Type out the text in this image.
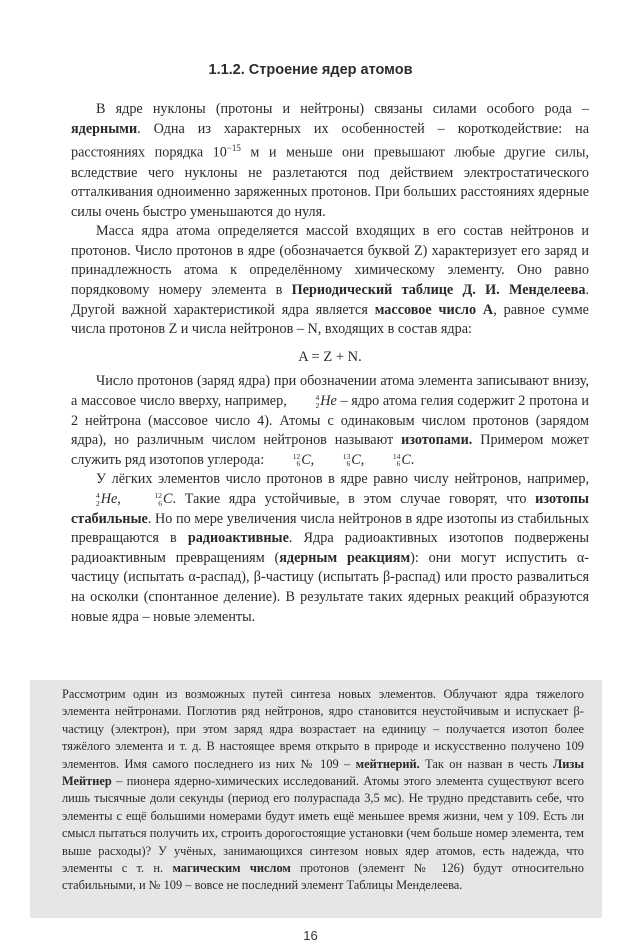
1.1.2. Строение ядер атомов

В ядре нуклоны (протоны и нейтроны) связаны силами особого рода – ядерными. Одна из характерных их особенностей – короткодействие: на расстояниях порядка $10^{-15}$ м и меньше они превышают любые другие силы, вследствие чего нуклоны не разлетаются под действием электростатического отталкивания одноименно заряженных протонов. При больших расстояниях ядерные силы очень быстро уменьшаются до нуля.

Масса ядра атома определяется массой входящих в его состав нейтронов и протонов. Число протонов в ядре (обозначается буквой Z) характеризует его заряд и принадлежность атома к определённому химическому элементу. Оно равно порядковому номеру элемента в Периодический таблице Д. И. Менделеева. Другой важной характеристикой ядра является массовое число A, равное сумме числа протонов Z и числа нейтронов – N, входящих в состав ядра:

A = Z + N.

Число протонов (заряд ядра) при обозначении атома элемента записывают внизу, а массовое число вверху, например,	4
2 He – ядро атома гелия содержит 2 протона и 2 нейтрона (массовое число 4). Атомы с одинаковым числом протонов (зарядом ядра), но различным числом нейтронов называют изотопами. Примером может служить ряд изотопов углерода:	12
6 C,	13
6 C,	14
6 C.

У лёгких элементов число протонов в ядре равно числу нейтронов, например,
4
2 He,	12
6 C. Такие ядра устойчивые, в этом случае говорят, что изотопы стабильные. Но по мере увеличения числа нейтронов в ядре изотопы из стабильных превращаются в радиоактивные. Ядра радиоактивных изотопов подвержены радиоактивным превращениям (ядерным реакциям): они могут испустить α-частицу (испытать α-распад), β-частицу (испытать β-распад) или просто развалиться на осколки (спонтанное деление). В результате таких ядерных реакций образуются новые ядра – новые элементы.

Рассмотрим один из возможных путей синтеза новых элементов. Облучают ядра тяжелого элемента нейтронами. Поглотив ряд нейтронов, ядро становится неустойчивым и испускает β-частицу (электрон), при этом заряд ядра возрастает на единицу – получается изотоп более тяжёлого элемента и т. д. В настоящее время открыто в природе и искусственно получено 109 элементов. Имя самого последнего из них № 109 – мейтнерий. Так он назван в честь Лизы Мейтнер – пионера ядерно-химических исследований. Атомы этого элемента существуют всего лишь тысячные доли секунды (период его полураспада 3,5 мс). Не трудно представить себе, что элементы с ещё большими номерами будут иметь ещё меньшее время жизни, чем у 109. Есть ли смысл пытаться получить их, строить дорогостоящие установки (чем больше номер элемента, тем выше расходы)? У учёных, занимающихся синтезом новых ядер атомов, есть надежда, что элементы с т. н. магическим числом протонов (элемент № 126) будут относительно стабильными, и № 109 – вовсе не последний элемент Таблицы Менделеева.

16
